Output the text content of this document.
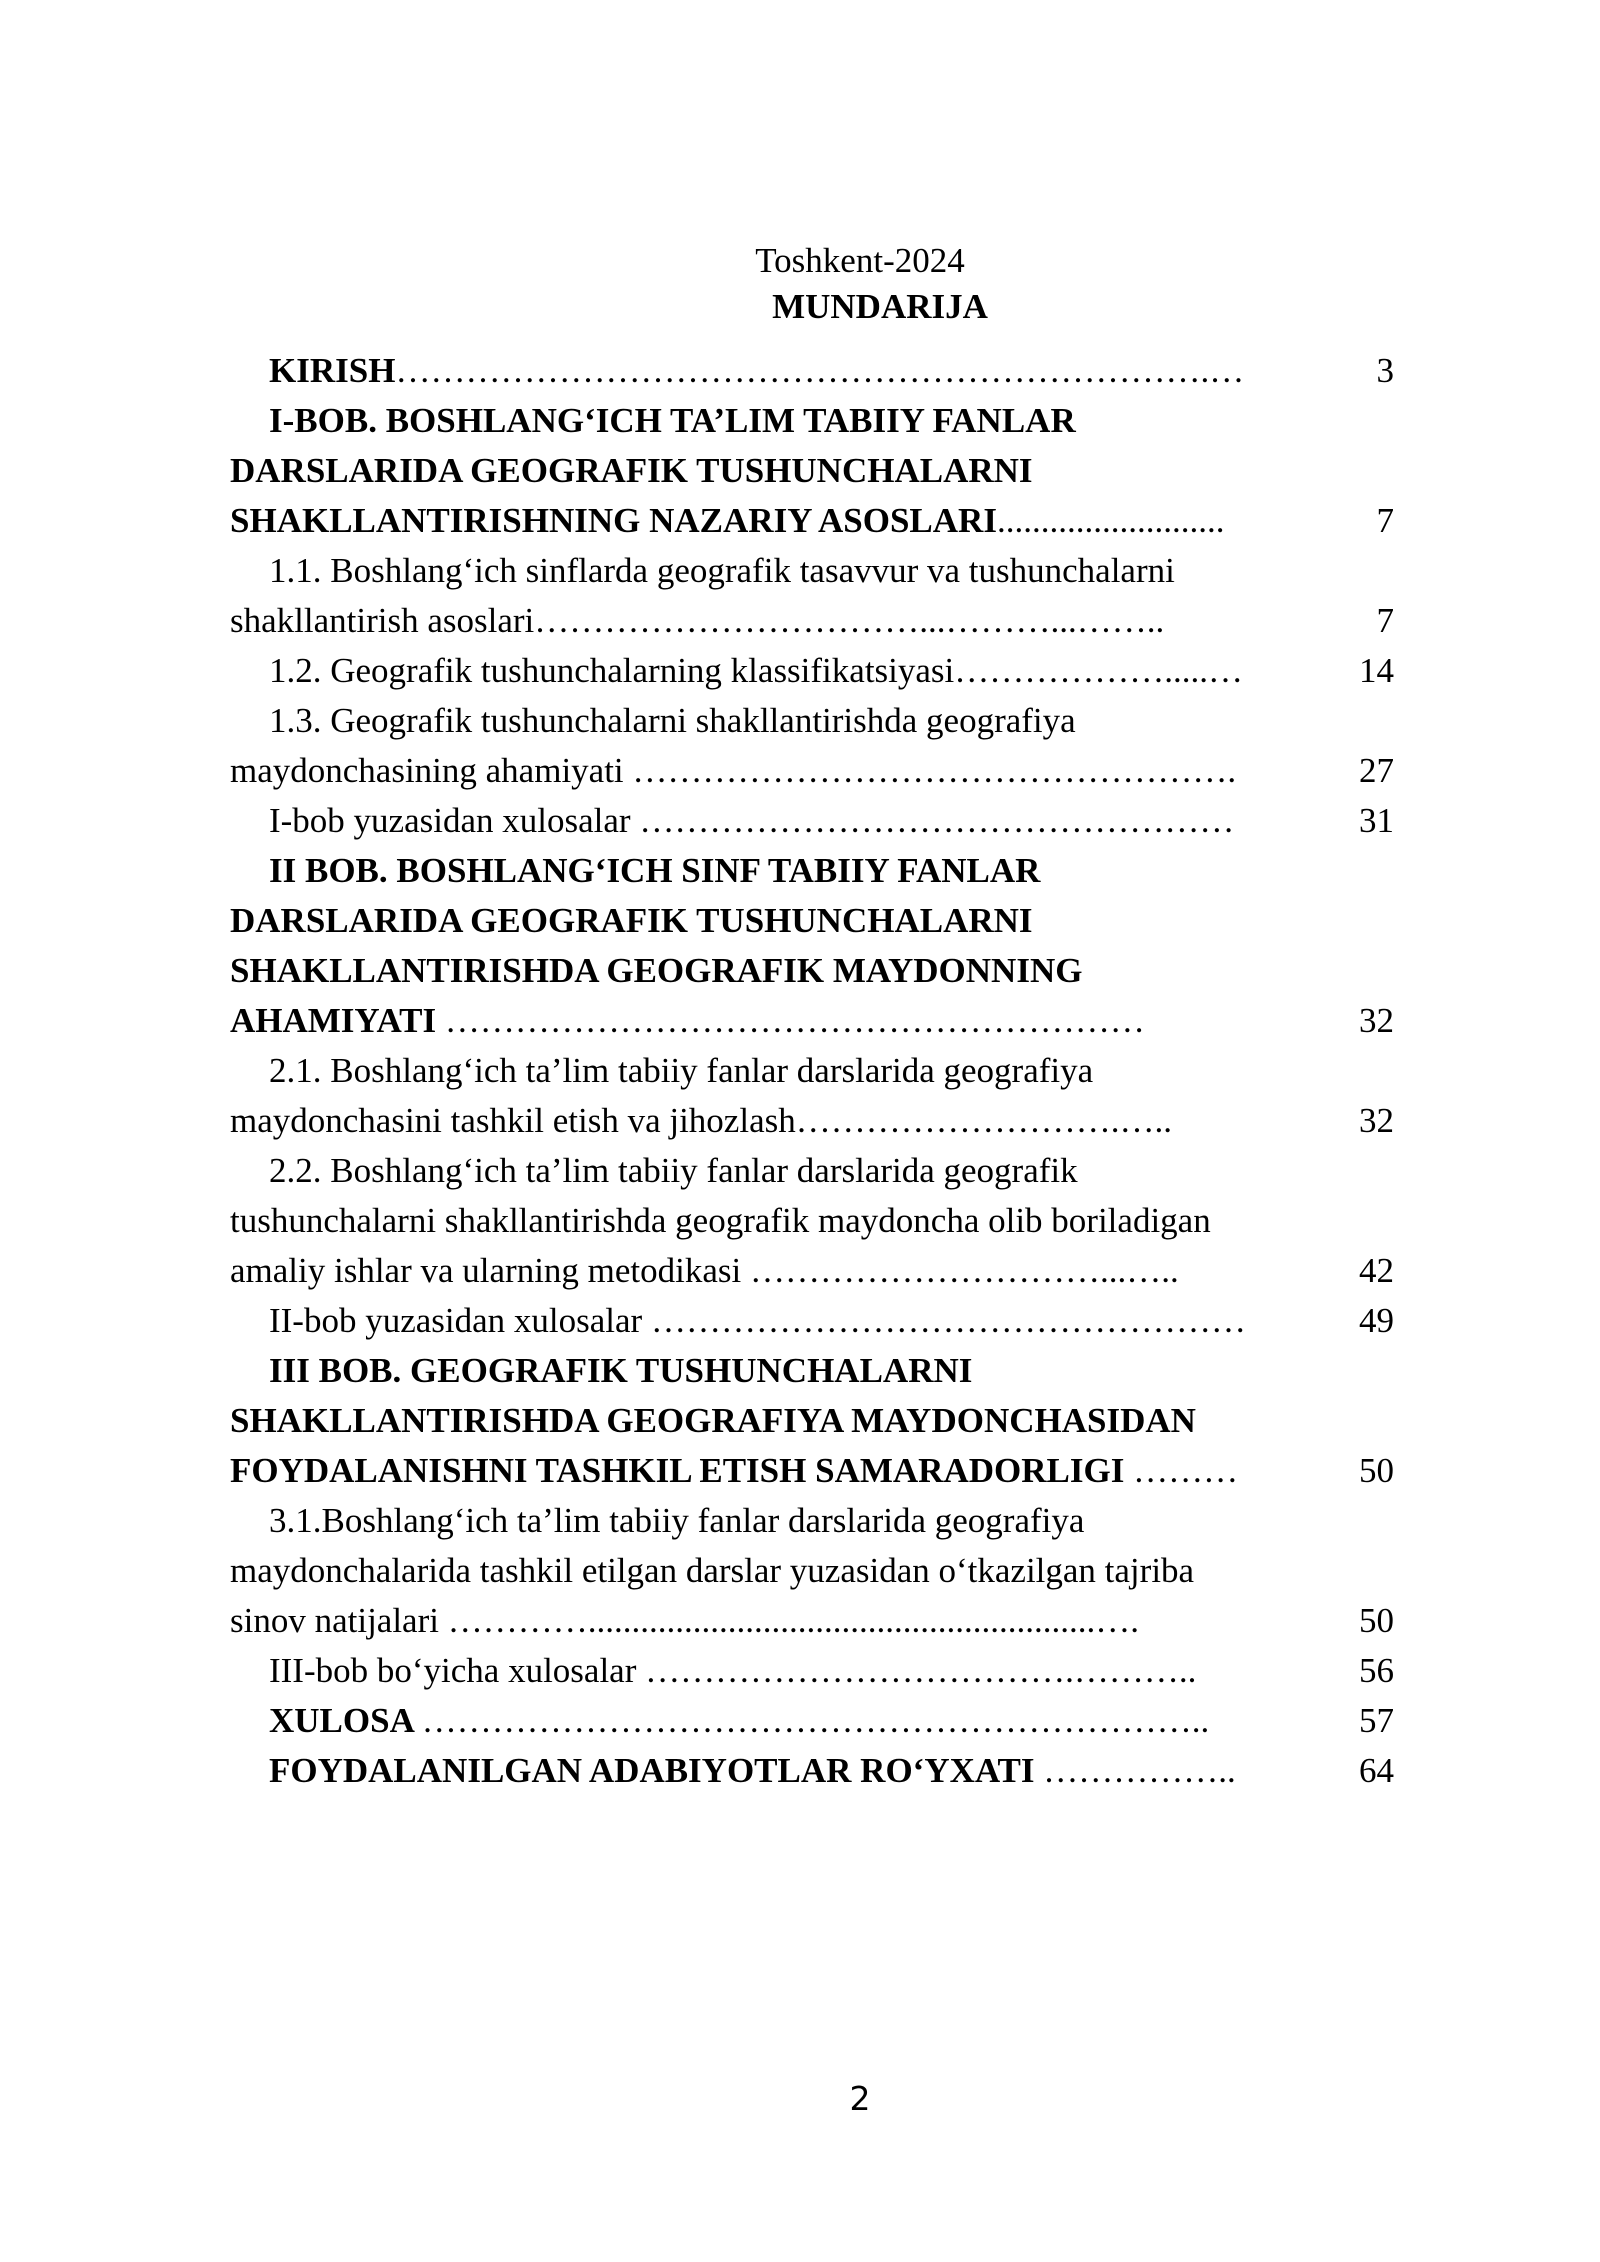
Toshkent-2024
MUNDARIJA
KIRISH…………………………………………………………….…	3
I-BOB. BOSHLANG‘ICH TA’LIM TABIIY FANLAR
DARSLARIDA GEOGRAFIK TUSHUNCHALARNI
SHAKLLANTIRISHNING NAZARIY ASOSLARI..........................	7
1.1. Boshlang‘ich sinflarda geografik tasavvur va tushunchalarni
shakllantirish asoslari……………………………...………...……..	7
1.2. Geografik tushunchalarning klassifikatsiyasi……………….....…	14
1.3. Geografik tushunchalarni shakllantirishda geografiya
maydonchasining ahamiyati …………………………………………….	27
I-bob yuzasidan xulosalar ……………………………………………	31
II BOB. BOSHLANG‘ICH SINF TABIIY FANLAR
DARSLARIDA GEOGRAFIK TUSHUNCHALARNI
SHAKLLANTIRISHDA GEOGRAFIK MAYDONNING
AHAMIYATI ……………………………………………………	32
2.1. Boshlang‘ich ta’lim tabiiy fanlar darslarida geografiya
maydonchasini tashkil etish va jihozlash……………………….…..	32
2.2. Boshlang‘ich ta’lim tabiiy fanlar darslarida geografik
tushunchalarni shakllantirishda geografik maydoncha olib boriladigan
amaliy ishlar va ularning metodikasi …………………………...…..	42
II-bob yuzasidan xulosalar ……………………………………………	49
III BOB. GEOGRAFIK TUSHUNCHALARNI
SHAKLLANTIRISHDA GEOGRAFIYA MAYDONCHASIDAN
FOYDALANISHNI TASHKIL ETISH SAMARADORLIGI ………	50
3.1.Boshlang‘ich ta’lim tabiiy fanlar darslarida geografiya
maydonchalarida tashkil etilgan darslar yuzasidan o‘tkazilgan tajriba
sinov natijalari …………..........................................................….	50
III-bob bo‘yicha xulosalar ……………………………….………..	56
XULOSA …………………………………………………………..	57
FOYDALANILGAN ADABIYOTLAR RO‘YXATI ……………..	64
2
